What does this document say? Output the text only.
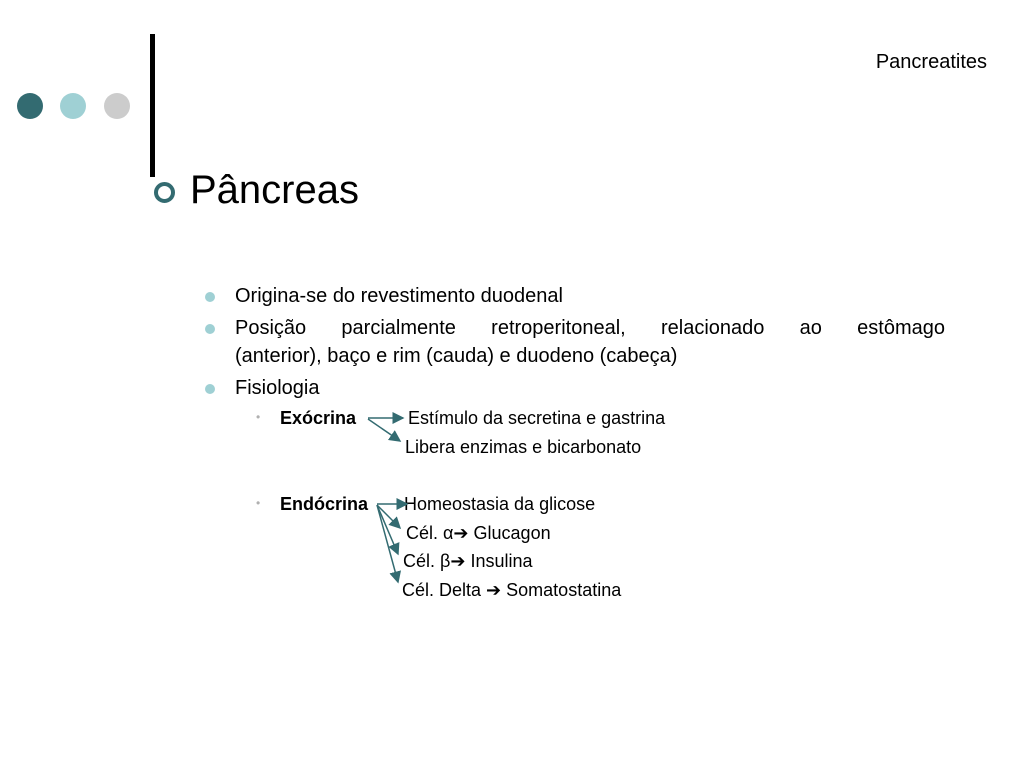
Pancreatites
Pâncreas
Origina-se do revestimento duodenal
Posição parcialmente retroperitoneal, relacionado ao estômago
(anterior), baço e rim (cauda) e duodeno (cabeça)
Fisiologia
• Exócrina	Estímulo da secretina e gastrina
Libera enzimas e bicarbonato
• Endócrina Homeostasia da glicose
Cél. α➔ Glucagon
Cél. β➔ Insulina
Cél. Delta ➔ Somatostatina
